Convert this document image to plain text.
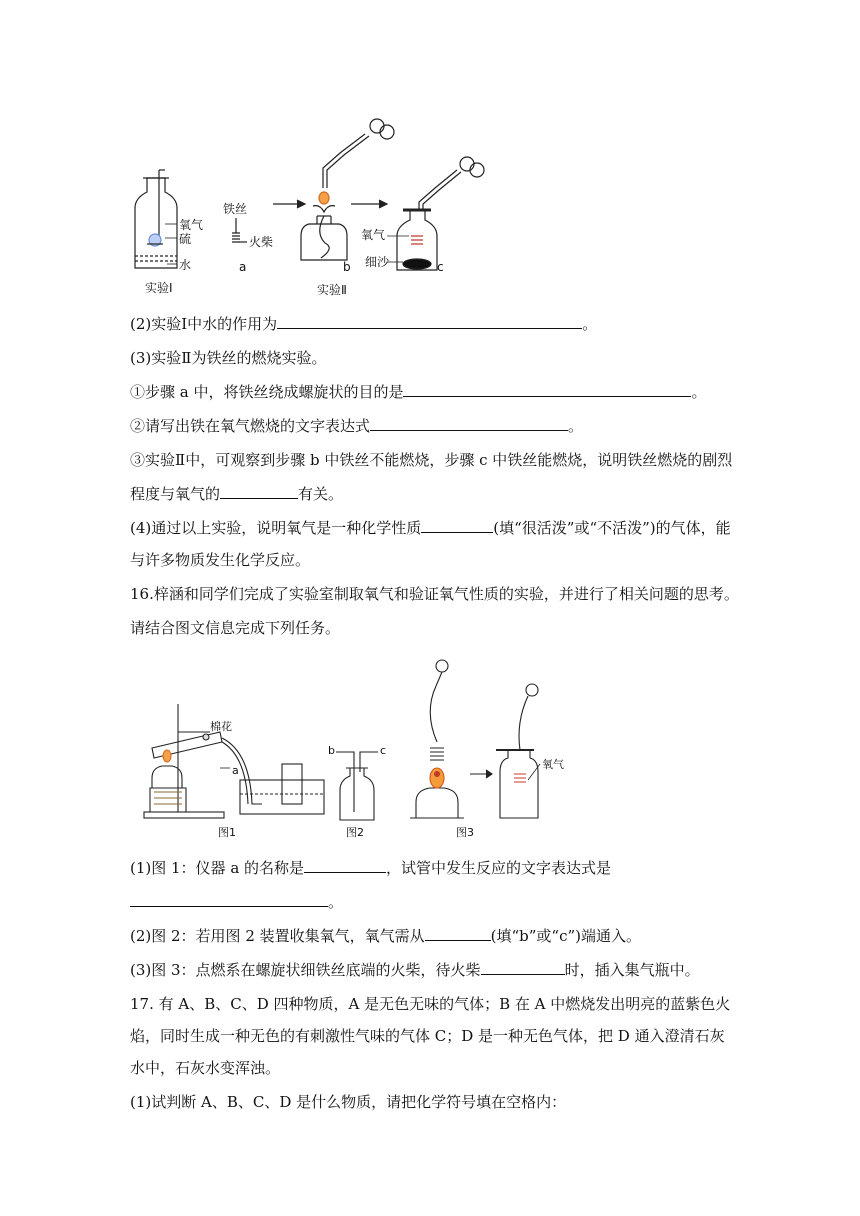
氧气
硫
水
铁丝
火柴
a	b
氧气
细沙	c
实验Ⅰ	实验Ⅱ
(2)实验Ⅰ中水的作用为	。
(3)实验Ⅱ为铁丝的燃烧实验。
①步骤 a 中，将铁丝绕成螺旋状的目的是	。
②请写出铁在氧气燃烧的文字表达式	。
③实验Ⅱ中，可观察到步骤 b 中铁丝不能燃烧，步骤 c 中铁丝能燃烧，说明铁丝燃烧的剧烈
程度与氧气的	有关。
(4)通过以上实验，说明氧气是一种化学性质	(填“很活泼”或“不活泼”)的气体，能
与许多物质发生化学反应。
16.梓涵和同学们完成了实验室制取氧气和验证氧气性质的实验，并进行了相关问题的思考。
请结合图文信息完成下列任务。
棉花
a
b	c
氧气
图1	图2	图3
(1)图 1：仪器 a 的名称是	，试管中发生反应的文字表达式是
。
(2)图 2：若用图 2 装置收集氧气，氧气需从	(填“b”或“c”)端通入。
(3)图 3：点燃系在螺旋状细铁丝底端的火柴，待火柴	时，插入集气瓶中。
17. 有 A、B、C、D 四种物质，A 是无色无味的气体；B 在 A 中燃烧发出明亮的蓝紫色火
焰，同时生成一种无色的有刺激性气味的气体 C；D 是一种无色气体，把 D 通入澄清石灰
水中，石灰水变浑浊。
(1)试判断 A、B、C、D 是什么物质，请把化学符号填在空格内：
